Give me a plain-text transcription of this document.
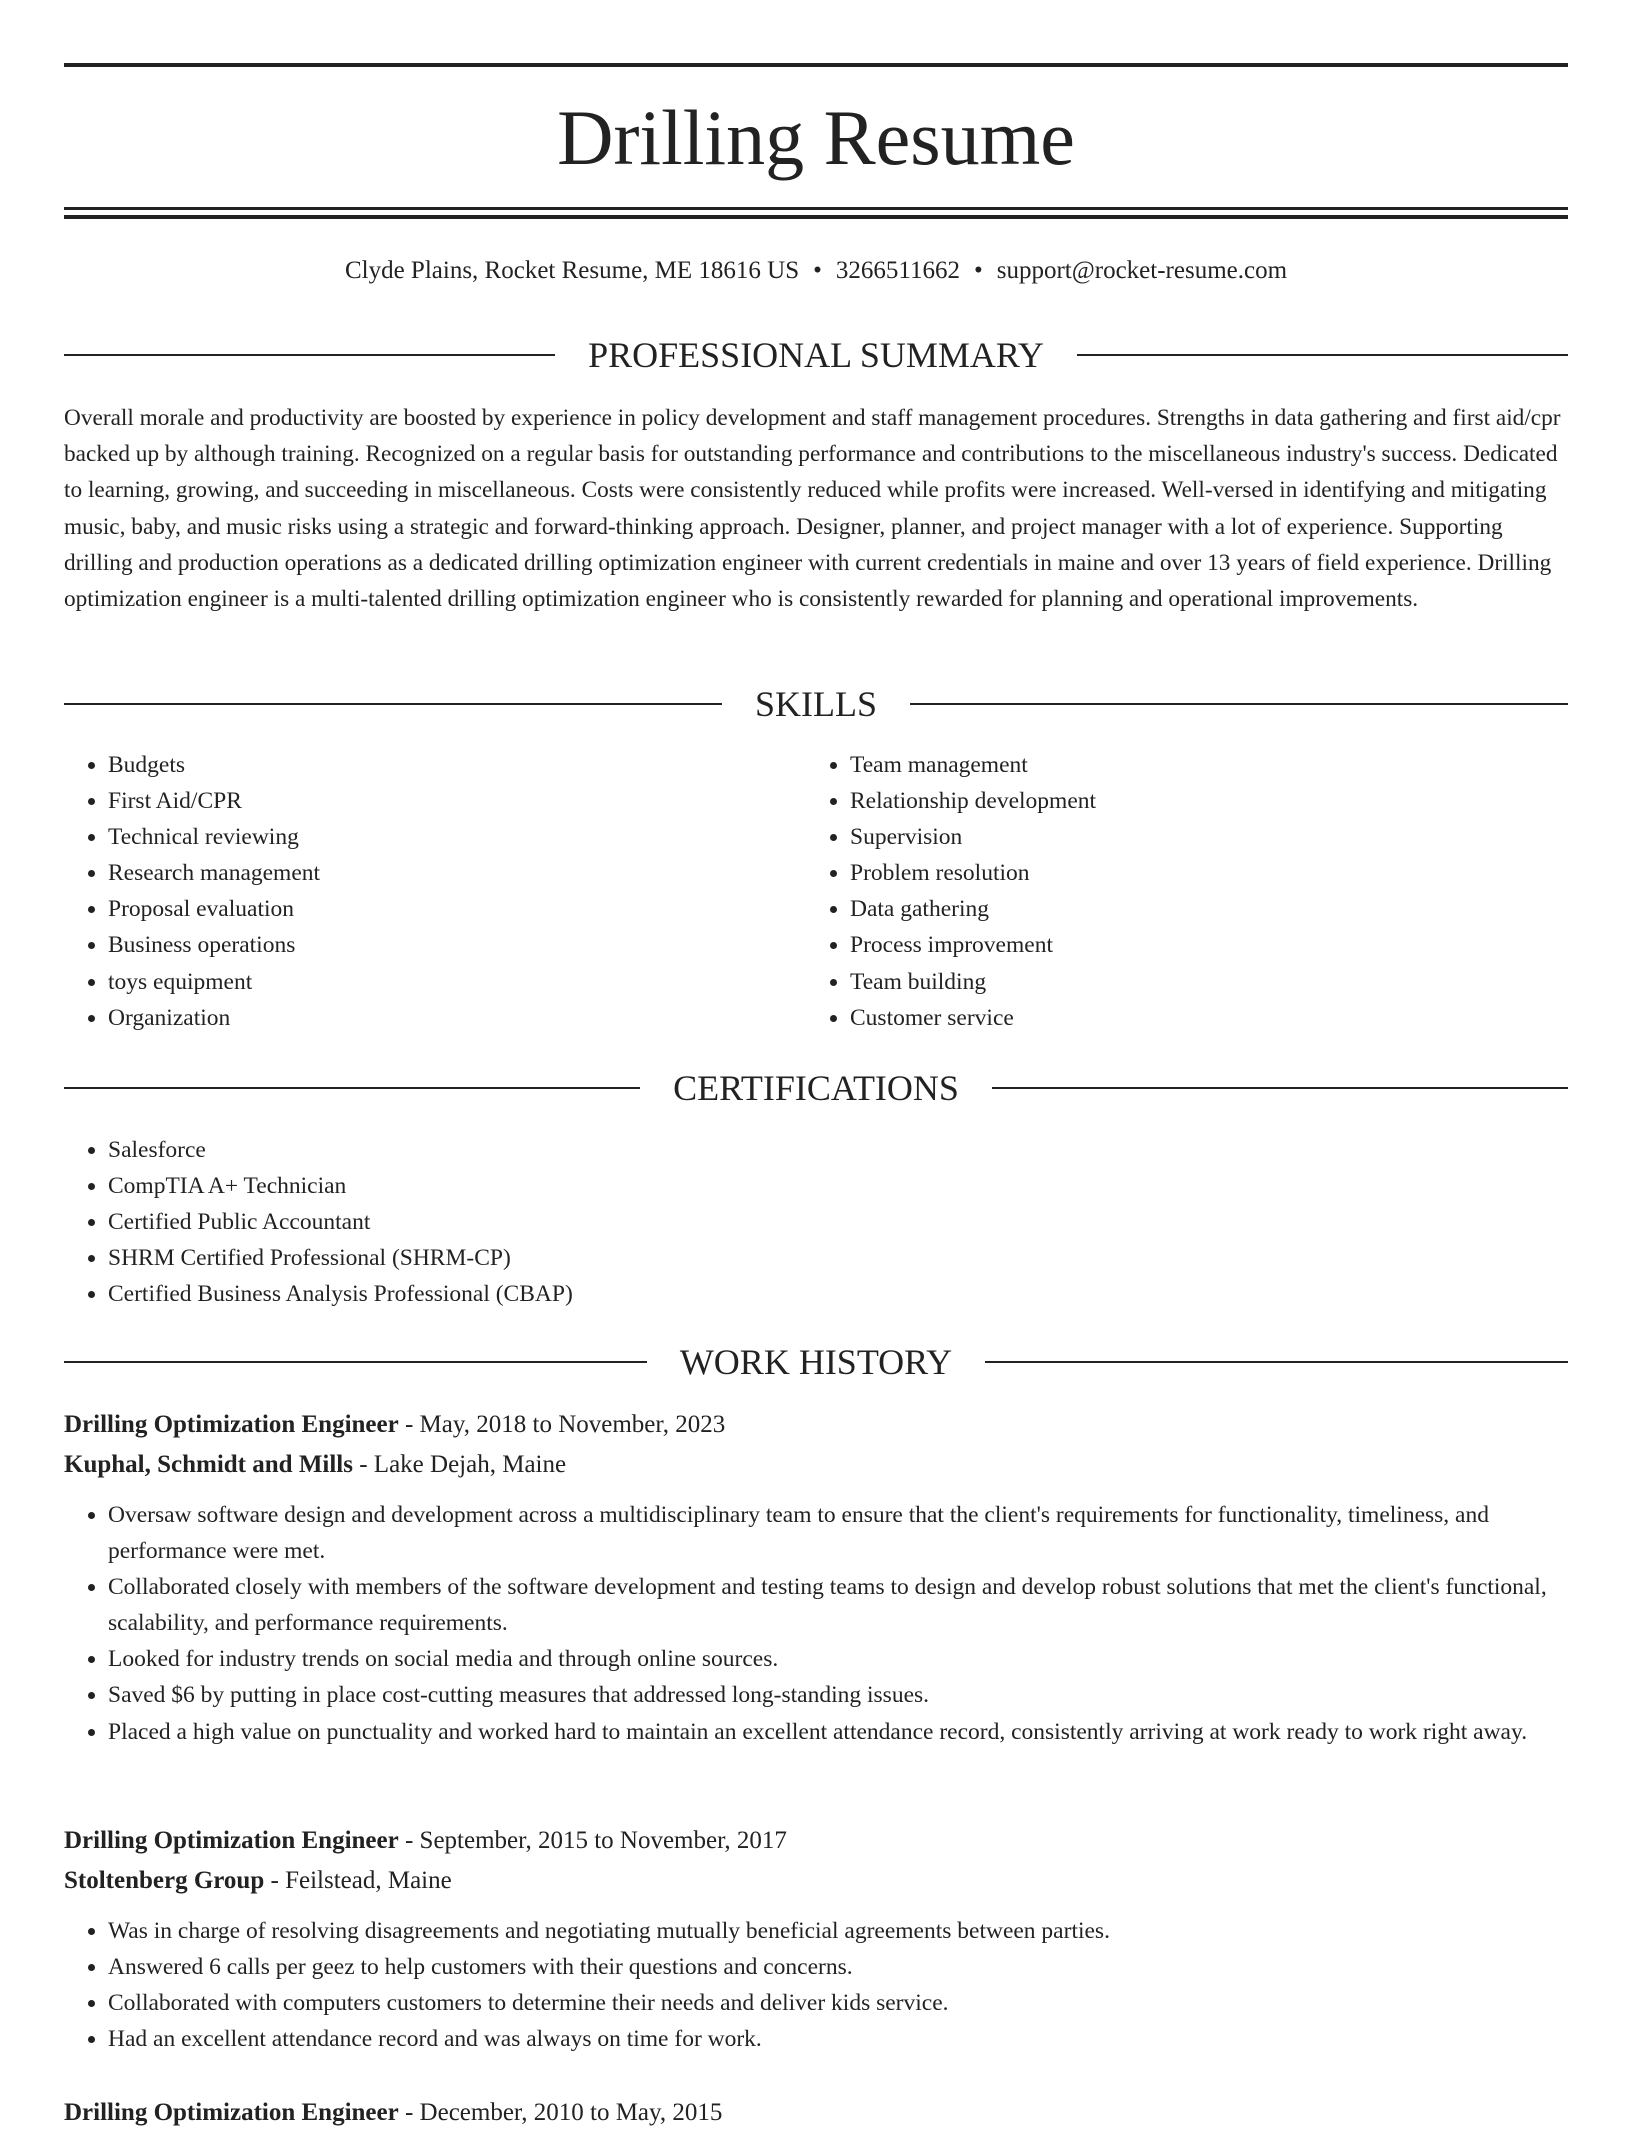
Drilling Resume
Clyde Plains, Rocket Resume, ME 18616 US • 3266511662 • support@rocket-resume.com
PROFESSIONAL SUMMARY

Overall morale and productivity are boosted by experience in policy development and staff management procedures. Strengths in data gathering and first aid/cpr backed up by although training. Recognized on a regular basis for outstanding performance and contributions to the miscellaneous industry's success. Dedicated to learning, growing, and succeeding in miscellaneous. Costs were consistently reduced while profits were increased. Well-versed in identifying and mitigating music, baby, and music risks using a strategic and forward-thinking approach. Designer, planner, and project manager with a lot of experience. Supporting drilling and production operations as a dedicated drilling optimization engineer with current credentials in maine and over 13 years of field experience. Drilling optimization engineer is a multi-talented drilling optimization engineer who is consistently rewarded for planning and operational improvements.

SKILLS
• Budgets
• First Aid/CPR
• Technical reviewing
• Research management
• Proposal evaluation
• Business operations
• toys equipment
• Organization
• Team management
• Relationship development
• Supervision
• Problem resolution
• Data gathering
• Process improvement
• Team building
• Customer service
CERTIFICATIONS
• Salesforce
• CompTIA A+ Technician
• Certified Public Accountant
• SHRM Certified Professional (SHRM-CP)
• Certified Business Analysis Professional (CBAP)
WORK HISTORY
Drilling Optimization Engineer - May, 2018 to November, 2023
Kuphal, Schmidt and Mills - Lake Dejah, Maine
• Oversaw software design and development across a multidisciplinary team to ensure that the client's requirements for functionality, timeliness, and performance were met.
• Collaborated closely with members of the software development and testing teams to design and develop robust solutions that met the client's functional, scalability, and performance requirements.
• Looked for industry trends on social media and through online sources.
• Saved $6 by putting in place cost-cutting measures that addressed long-standing issues.
• Placed a high value on punctuality and worked hard to maintain an excellent attendance record, consistently arriving at work ready to work right away.
Drilling Optimization Engineer - September, 2015 to November, 2017
Stoltenberg Group - Feilstead, Maine
• Was in charge of resolving disagreements and negotiating mutually beneficial agreements between parties.
• Answered 6 calls per geez to help customers with their questions and concerns.
• Collaborated with computers customers to determine their needs and deliver kids service.
• Had an excellent attendance record and was always on time for work.
Drilling Optimization Engineer - December, 2010 to May, 2015
